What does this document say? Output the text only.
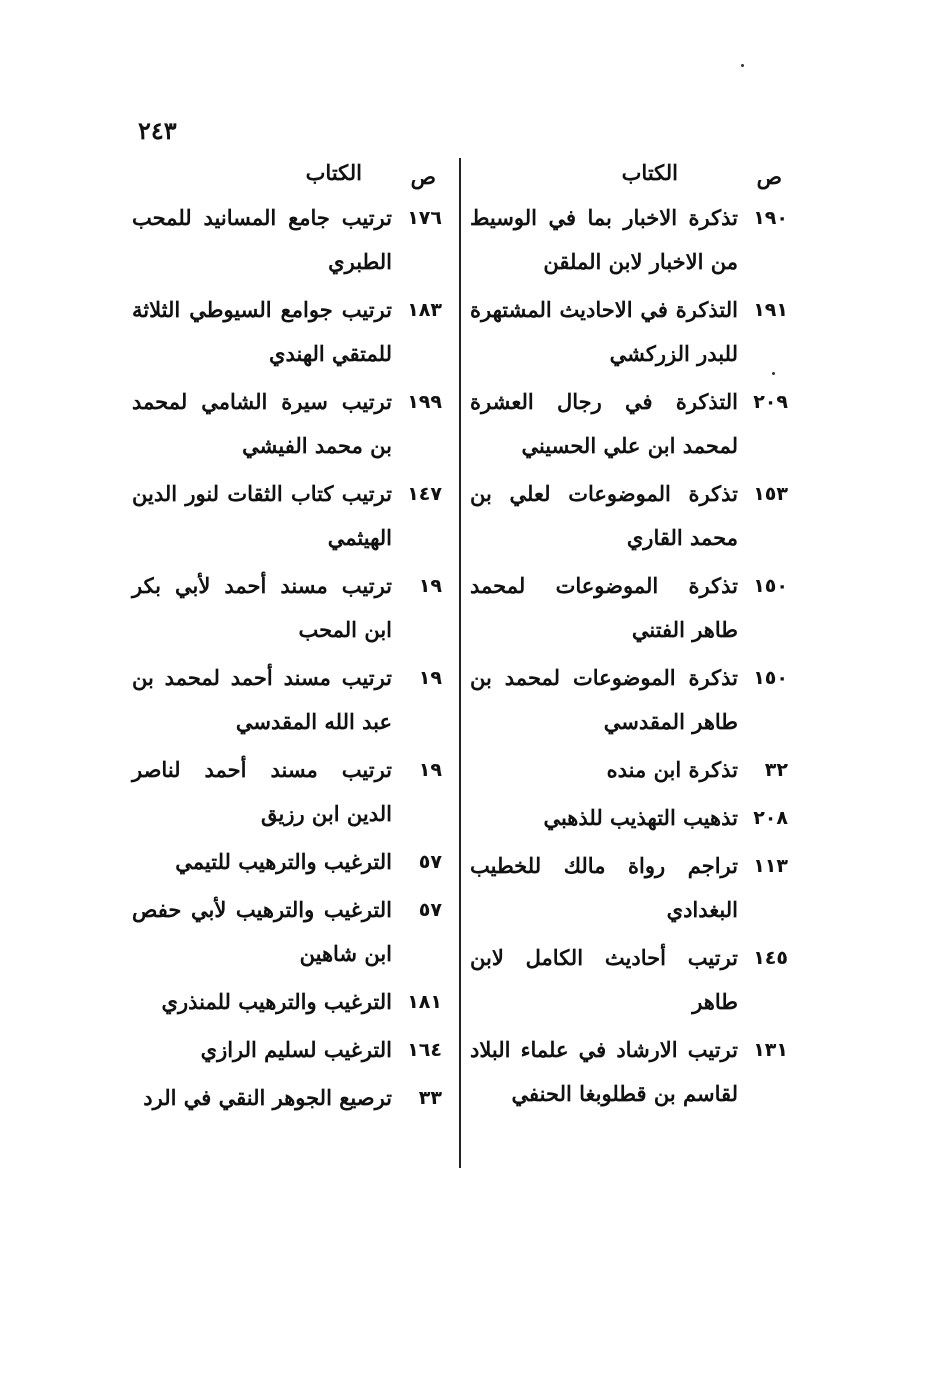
٢٤٣
ص
الكتاب
١٩٠
تذكرة الاخبار بما في الوسيط من الاخبار لابن الملقن
١٩١
التذكرة في الاحاديث المشتهرة للبدر الزركشي
٢٠٩
التذكرة في رجال العشرة لمحمد ابن علي الحسيني
١٥٣
تذكرة الموضوعات لعلي بن محمد القاري
١٥٠
تذكرة الموضوعات لمحمد طاهر الفتني
١٥٠
تذكرة الموضوعات لمحمد بن طاهر المقدسي
٣٢
تذكرة ابن منده
٢٠٨
تذهيب التهذيب للذهبي
١١٣
تراجم رواة مالك للخطيب البغدادي
١٤٥
ترتيب أحاديث الكامل لابن طاهر
١٣١
ترتيب الارشاد في علماء البلاد لقاسم بن قطلوبغا الحنفي
ص
الكتاب
١٧٦
ترتيب جامع المسانيد للمحب الطبري
١٨٣
ترتيب جوامع السيوطي الثلاثة للمتقي الهندي
١٩٩
ترتيب سيرة الشامي لمحمد بن محمد الفيشي
١٤٧
ترتيب كتاب الثقات لنور الدين الهيثمي
١٩
ترتيب مسند أحمد لأبي بكر ابن المحب
١٩
ترتيب مسند أحمد لمحمد بن عبد الله المقدسي
١٩
ترتيب مسند أحمد لناصر الدين ابن رزيق
٥٧
الترغيب والترهيب للتيمي
٥٧
الترغيب والترهيب لأبي حفص ابن شاهين
١٨١
الترغيب والترهيب للمنذري
١٦٤
الترغيب لسليم الرازي
٣٣
ترصيع الجوهر النقي في الرد
